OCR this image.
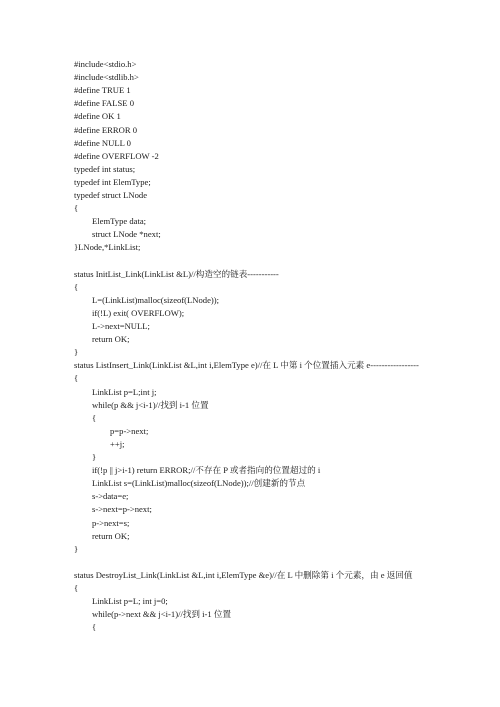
#include<stdio.h>
#include<stdlib.h>
#define TRUE 1
#define FALSE 0
#define OK 1
#define ERROR 0
#define NULL 0
#define OVERFLOW -2
typedef int status;
typedef int ElemType;
typedef struct LNode
{
ElemType data;
struct LNode *next;
}LNode,*LinkList;
status InitList_Link(LinkList &L)//构造空的链表-----------
{
L=(LinkList)malloc(sizeof(LNode));
if(!L) exit( OVERFLOW);
L->next=NULL;
return OK;
}
status ListInsert_Link(LinkList &L,int i,ElemType e)//在 L 中第 i 个位置插入元素 e-----------------
{
LinkList p=L;int j;
while(p && j<i-1)//找到 i-1 位置
{
p=p->next;
++j;
}
if(!p || j>i-1) return ERROR;//不存在 P 或者指向的位置超过的 i
LinkList s=(LinkList)malloc(sizeof(LNode));//创建新的节点
s->data=e;
s->next=p->next;
p->next=s;
return OK;
}
status DestroyList_Link(LinkList &L,int i,ElemType &e)//在 L 中删除第 i 个元素，由 e 返回值
{
LinkList p=L; int j=0;
while(p->next && j<i-1)//找到 i-1 位置
{
